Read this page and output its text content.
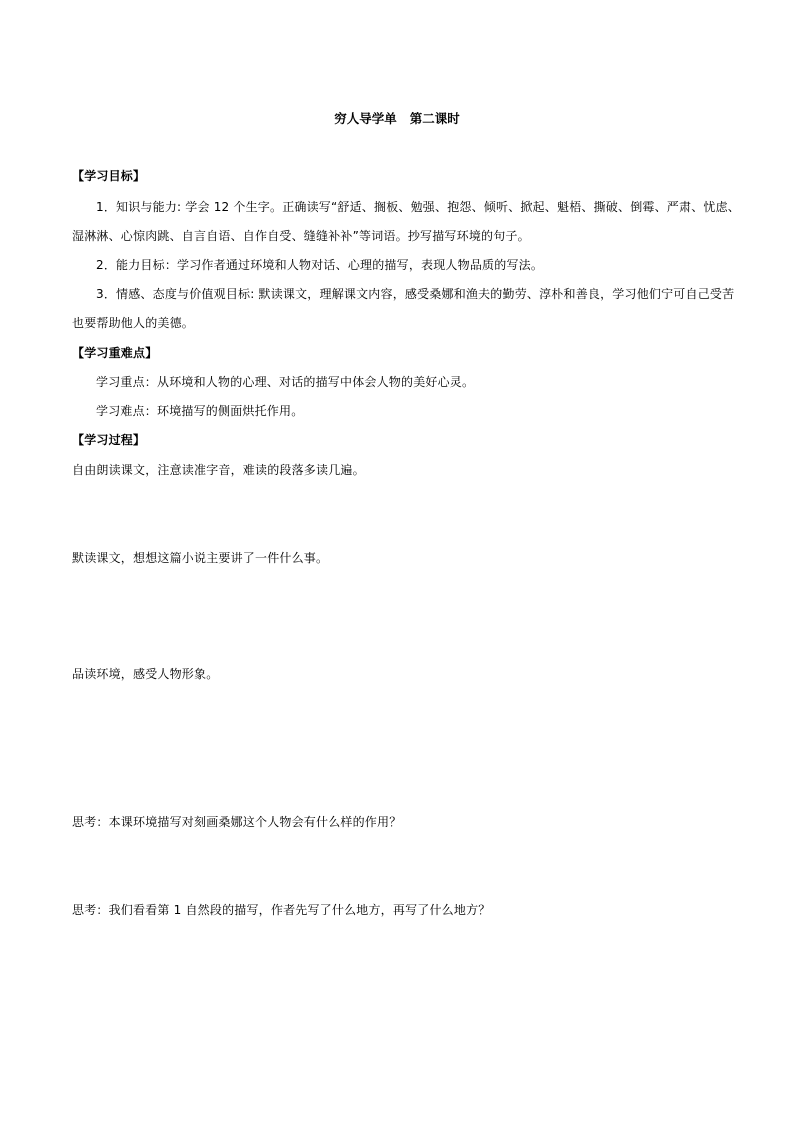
穷人导学单   第二课时
【学习目标】
1．知识与能力: 学会 12 个生字。正确读写“舒适、搁板、勉强、抱怨、倾听、掀起、魁梧、撕破、倒霉、严肃、忧虑、
湿淋淋、心惊肉跳、自言自语、自作自受、缝缝补补”等词语。抄写描写环境的句子。
2．能力目标：学习作者通过环境和人物对话、心理的描写，表现人物品质的写法。
3．情感、态度与价值观目标: 默读课文，理解课文内容，感受桑娜和渔夫的勤劳、淳朴和善良，学习他们宁可自己受苦
也要帮助他人的美德。
【学习重难点】
学习重点：从环境和人物的心理、对话的描写中体会人物的美好心灵。
学习难点：环境描写的侧面烘托作用。
【学习过程】
自由朗读课文，注意读准字音，难读的段落多读几遍。
默读课文，想想这篇小说主要讲了一件什么事。
品读环境，感受人物形象。
思考：本课环境描写对刻画桑娜这个人物会有什么样的作用？
思考：我们看看第 1 自然段的描写，作者先写了什么地方，再写了什么地方？
